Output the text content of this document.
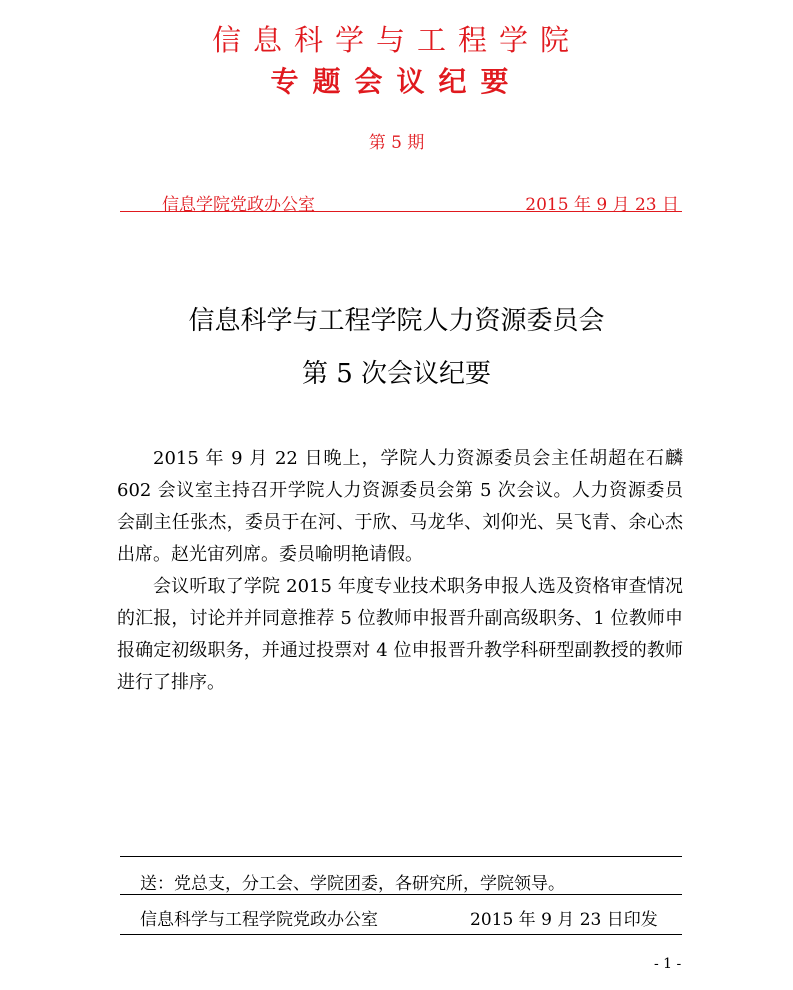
信息科学与工程学院
专题会议纪要
第 5 期
信息学院党政办公室	2015 年 9 月 23 日
信息科学与工程学院人力资源委员会
第 5 次会议纪要

2015 年 9 月 22 日晚上，学院人力资源委员会主任胡超在石麟 602 会议室主持召开学院人力资源委员会第 5 次会议。人力资源委员会副主任张杰，委员于在河、于欣、马龙华、刘仰光、吴飞青、余心杰出席。赵光宙列席。委员喻明艳请假。

会议听取了学院 2015 年度专业技术职务申报人选及资格审查情况的汇报，讨论并并同意推荐 5 位教师申报晋升副高级职务、1 位教师申报确定初级职务，并通过投票对 4 位申报晋升教学科研型副教授的教师进行了排序。

送：党总支，分工会、学院团委，各研究所，学院领导。
信息科学与工程学院党政办公室	2015 年 9 月 23 日印发
- 1 -
